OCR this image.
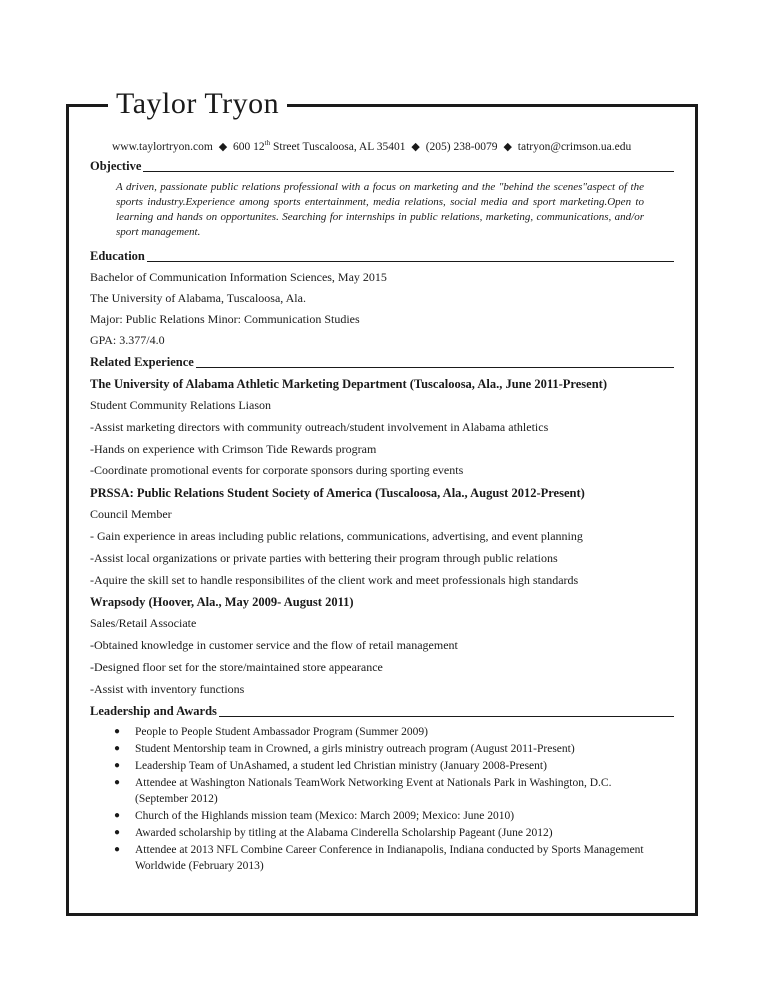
Taylor Tryon
www.taylortryon.com ◆ 600 12th Street Tuscaloosa, AL 35401 ◆ (205) 238-0079 ◆ tatryon@crimson.ua.edu
Objective
A driven, passionate public relations professional with a focus on marketing and the "behind the scenes"aspect of the sports industry.Experience among sports entertainment, media relations, social media and sport marketing.Open to learning and hands on opportunites. Searching for internships in public relations, marketing, communications, and/or sport management.
Education
Bachelor of Communication Information Sciences, May 2015
The University of Alabama, Tuscaloosa, Ala.
Major: Public Relations Minor: Communication Studies
GPA: 3.377/4.0
Related Experience
The University of Alabama Athletic Marketing Department (Tuscaloosa, Ala., June 2011-Present)
Student Community Relations Liason
-Assist marketing directors with community outreach/student involvement in Alabama athletics
-Hands on experience with Crimson Tide Rewards program
-Coordinate promotional events for corporate sponsors during sporting events
PRSSA: Public Relations Student Society of America (Tuscaloosa, Ala., August 2012-Present)
Council Member
- Gain experience in areas including public relations, communications, advertising, and event planning
-Assist local organizations or private parties with bettering their program through public relations
-Aquire the skill set to handle responsibilites of the client work and meet professionals high standards
Wrapsody (Hoover, Ala., May 2009- August 2011)
Sales/Retail Associate
-Obtained knowledge in customer service and the flow of retail management
-Designed floor set for the store/maintained store appearance
-Assist with inventory functions
Leadership and Awards
● People to People Student Ambassador Program (Summer 2009)
● Student Mentorship team in Crowned, a girls ministry outreach program (August 2011-Present)
● Leadership Team of UnAshamed, a student led Christian ministry (January 2008-Present)
● Attendee at Washington Nationals TeamWork Networking Event at Nationals Park in Washington, D.C. (September 2012)
● Church of the Highlands mission team (Mexico: March 2009; Mexico: June 2010)
● Awarded scholarship by titling at the Alabama Cinderella Scholarship Pageant (June 2012)
● Attendee at 2013 NFL Combine Career Conference in Indianapolis, Indiana conducted by Sports Management Worldwide (February 2013)
